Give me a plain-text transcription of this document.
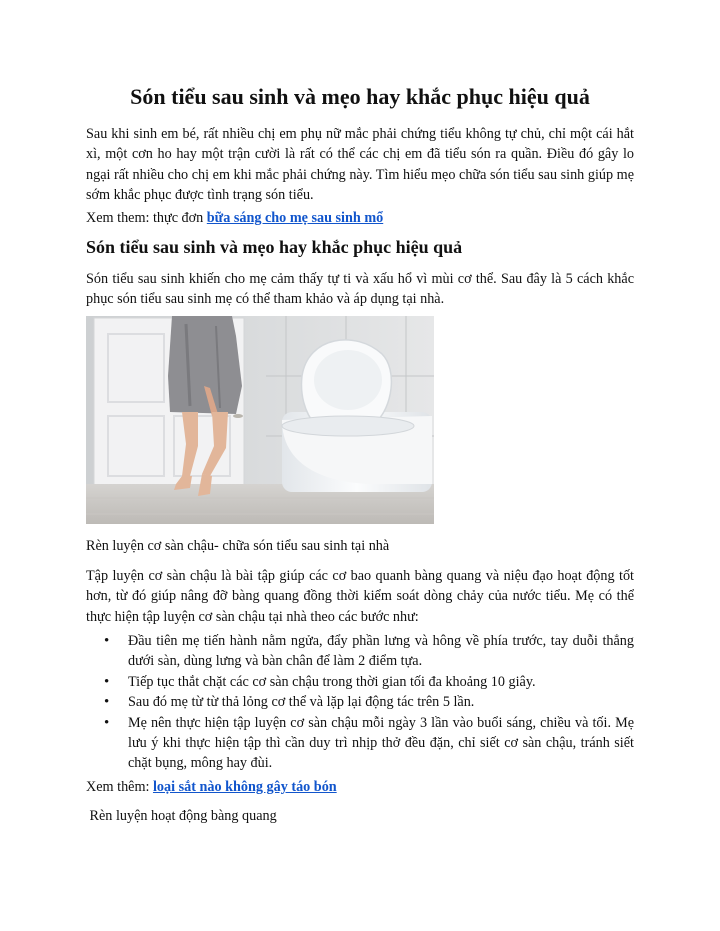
Són tiểu sau sinh và mẹo hay khắc phục hiệu quả

Sau khi sinh em bé, rất nhiều chị em phụ nữ mắc phải chứng tiểu không tự chủ, chỉ một cái hắt xì, một cơn ho hay một trận cười là rất có thể các chị em đã tiểu són ra quần. Điều đó gây lo ngại rất nhiều cho chị em khi mắc phải chứng này. Tìm hiểu mẹo chữa són tiểu sau sinh giúp mẹ sớm khắc phục được tình trạng són tiểu.

Xem them: thực đơn bữa sáng cho mẹ sau sinh mổ

Són tiểu sau sinh và mẹo hay khắc phục hiệu quả

Són tiểu sau sinh khiến cho mẹ cảm thấy tự ti và xấu hổ vì mùi cơ thể. Sau đây là 5 cách khắc phục són tiểu sau sinh mẹ có thể tham khảo và áp dụng tại nhà.

Rèn luyện cơ sàn chậu- chữa són tiểu sau sinh tại nhà

Tập luyện cơ sàn chậu là bài tập giúp các cơ bao quanh bàng quang và niệu đạo hoạt động tốt hơn, từ đó giúp nâng đỡ bàng quang đồng thời kiểm soát dòng chảy của nước tiểu. Mẹ có thể thực hiện tập luyện cơ sàn chậu tại nhà theo các bước như:

• Đầu tiên mẹ tiến hành nằm ngửa, đẩy phần lưng và hông về phía trước, tay duỗi thẳng dưới sàn, dùng lưng và bàn chân để làm 2 điểm tựa.
• Tiếp tục thắt chặt các cơ sàn chậu trong thời gian tối đa khoảng 10 giây.
• Sau đó mẹ từ từ thả lỏng cơ thể và lặp lại động tác trên 5 lần.
• Mẹ nên thực hiện tập luyện cơ sàn chậu mỗi ngày 3 lần vào buổi sáng, chiều và tối. Mẹ lưu ý khi thực hiện tập thì cần duy trì nhịp thở đều đặn, chỉ siết cơ sàn chậu, tránh siết chặt bụng, mông hay đùi.

Xem thêm: loại sắt nào không gây táo bón

Rèn luyện hoạt động bàng quang
